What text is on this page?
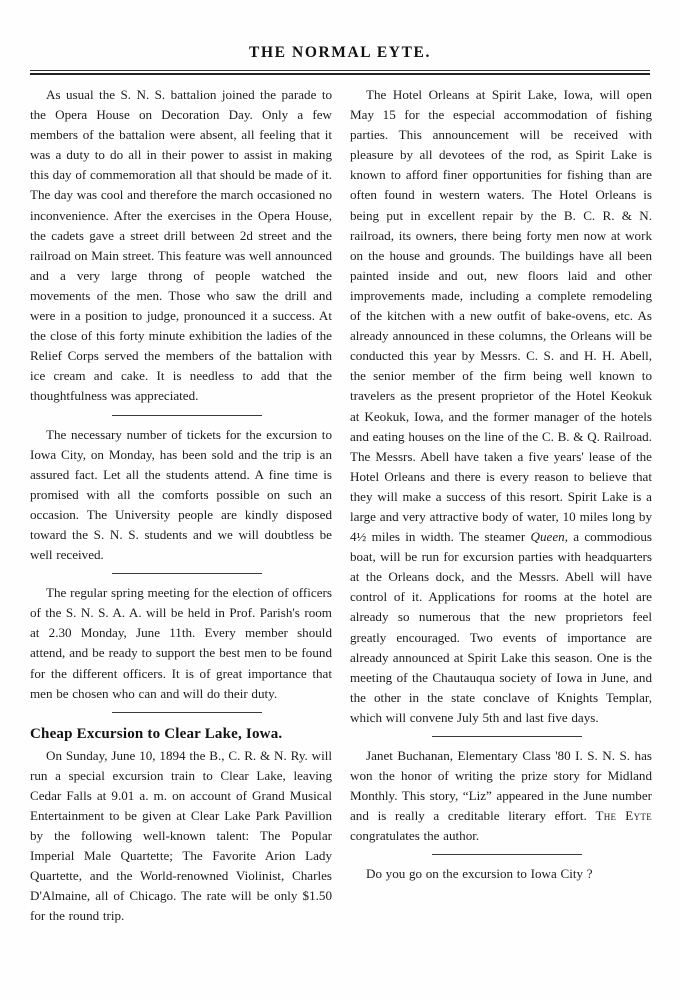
THE NORMAL EYTE.

As usual the S. N. S. battalion joined the parade to the Opera House on Decoration Day. Only a few members of the battalion were absent, all feeling that it was a duty to do all in their power to assist in making this day of commemoration all that should be made of it. The day was cool and therefore the march occasioned no inconvenience. After the exercises in the Opera House, the cadets gave a street drill between 2d street and the railroad on Main street. This feature was well announced and a very large throng of people watched the movements of the men. Those who saw the drill and were in a position to judge, pronounced it a success. At the close of this forty minute exhibition the ladies of the Relief Corps served the members of the battalion with ice cream and cake. It is needless to add that the thoughtfulness was appreciated.

The necessary number of tickets for the excursion to Iowa City, on Monday, has been sold and the trip is an assured fact. Let all the students attend. A fine time is promised with all the comforts possible on such an occasion. The University people are kindly disposed toward the S. N. S. students and we will doubtless be well received.

The regular spring meeting for the election of officers of the S. N. S. A. A. will be held in Prof. Parish's room at 2.30 Monday, June 11th. Every member should attend, and be ready to support the best men to be found for the different officers. It is of great importance that men be chosen who can and will do their duty.

Cheap Excursion to Clear Lake, Iowa.

On Sunday, June 10, 1894 the B., C. R. & N. Ry. will run a special excursion train to Clear Lake, leaving Cedar Falls at 9.01 a. m. on account of Grand Musical Entertainment to be given at Clear Lake Park Pavillion by the following well-known talent: The Popular Imperial Male Quartette; The Favorite Arion Lady Quartette, and the World-renowned Violinist, Charles D'Almaine, all of Chicago. The rate will be only $1.50 for the round trip.

The Hotel Orleans at Spirit Lake, Iowa, will open May 15 for the especial accommodation of fishing parties. This announcement will be received with pleasure by all devotees of the rod, as Spirit Lake is known to afford finer opportunities for fishing than are often found in western waters. The Hotel Orleans is being put in excellent repair by the B. C. R. & N. railroad, its owners, there being forty men now at work on the house and grounds. The buildings have all been painted inside and out, new floors laid and other improvements made, including a complete remodeling of the kitchen with a new outfit of bake-ovens, etc. As already announced in these columns, the Orleans will be conducted this year by Messrs. C. S. and H. H. Abell, the senior member of the firm being well known to travelers as the present proprietor of the Hotel Keokuk at Keokuk, Iowa, and the former manager of the hotels and eating houses on the line of the C. B. & Q. Railroad. The Messrs. Abell have taken a five years' lease of the Hotel Orleans and there is every reason to believe that they will make a success of this resort. Spirit Lake is a large and very attractive body of water, 10 miles long by 4½ miles in width. The steamer Queen, a commodious boat, will be run for excursion parties with headquarters at the Orleans dock, and the Messrs. Abell will have control of it. Applications for rooms at the hotel are already so numerous that the new proprietors feel greatly encouraged. Two events of importance are already announced at Spirit Lake this season. One is the meeting of the Chautauqua society of Iowa in June, and the other in the state conclave of Knights Templar, which will convene July 5th and last five days.

Janet Buchanan, Elementary Class '80 I. S. N. S. has won the honor of writing the prize story for Midland Monthly. This story, “Liz” appeared in the June number and is really a creditable literary effort. The Eyte congratulates the author.

Do you go on the excursion to Iowa City ?
